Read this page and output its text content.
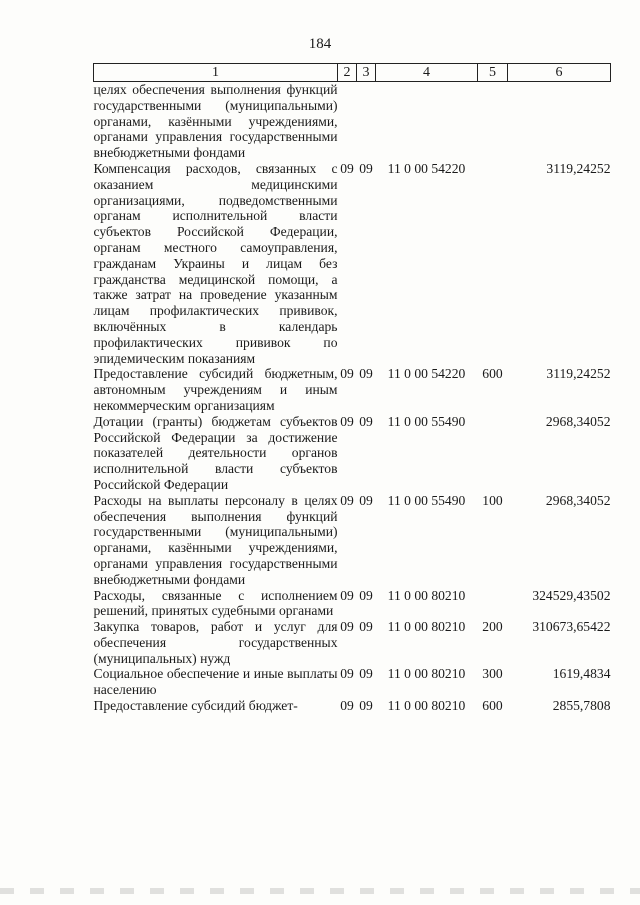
184
1	2	3	4	5	6
целях обеспечения выполнения функций государственными (муниципальными) органами, казёнными учреждениями, органами управления государственными внебюджетными фондами					
Компенсация расходов, связанных с оказанием медицинскими организациями, подведомственными органам исполнительной власти субъектов Российской Федерации, органам местного самоуправления, гражданам Украины и лицам без гражданства медицинской помощи, а также затрат на проведение указанным лицам профилактических прививок, включённых в календарь профилактических прививок по эпидемическим показаниям	09	09	11 0 00 54220		3119,24252
Предоставление субсидий бюджетным, автономным учреждениям и иным некоммерческим организациям	09	09	11 0 00 54220	600	3119,24252
Дотации (гранты) бюджетам субъектов Российской Федерации за достижение показателей деятельности органов исполнительной власти субъектов Российской Федерации	09	09	11 0 00 55490		2968,34052
Расходы на выплаты персоналу в целях обеспечения выполнения функций государственными (муниципальными) органами, казёнными учреждениями, органами управления государственными внебюджетными фондами	09	09	11 0 00 55490	100	2968,34052
Расходы, связанные с исполнением решений, принятых судебными органами	09	09	11 0 00 80210		324529,43502
Закупка товаров, работ и услуг для обеспечения государственных (муниципальных) нужд	09	09	11 0 00 80210	200	310673,65422
Социальное обеспечение и иные выплаты населению	09	09	11 0 00 80210	300	1619,4834
Предоставление субсидий бюджет-	09	09	11 0 00 80210	600	2855,7808
